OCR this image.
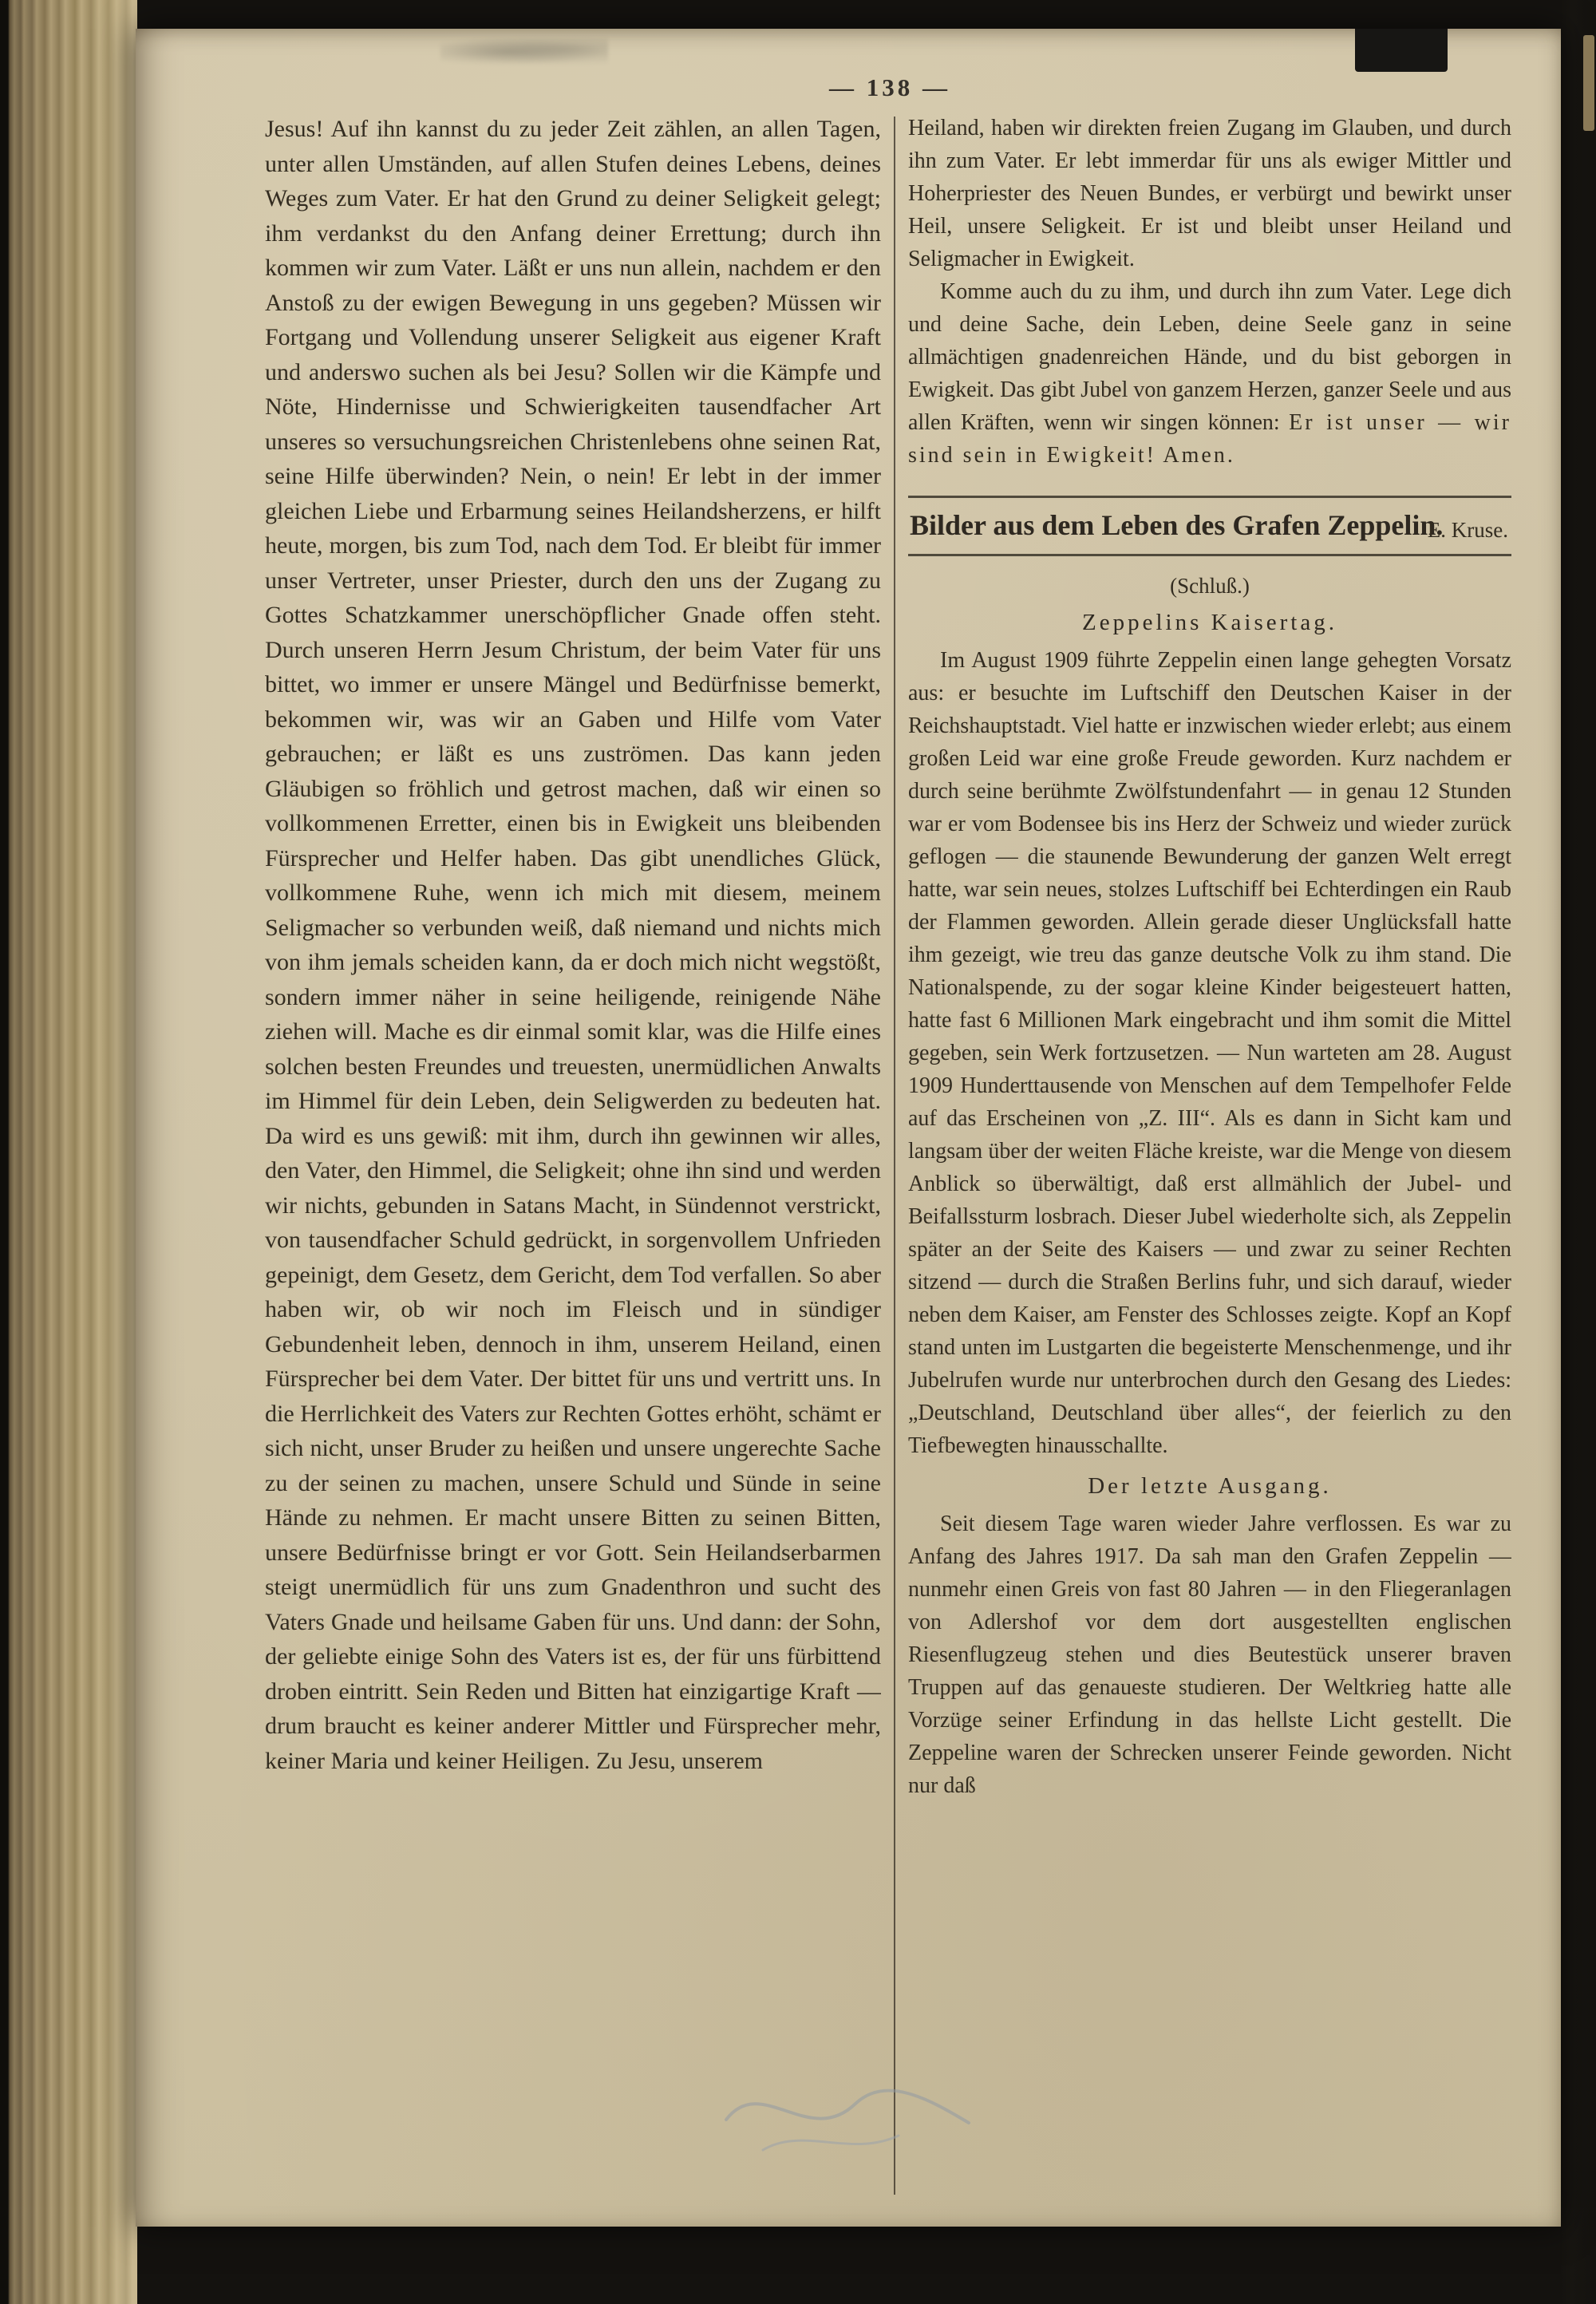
— 138 —
Jesus! Auf ihn kannst du zu jeder Zeit zählen, an allen Tagen, unter allen Umständen, auf allen Stufen deines Lebens, deines Weges zum Vater. Er hat den Grund zu deiner Seligkeit gelegt; ihm verdankst du den Anfang deiner Errettung; durch ihn kommen wir zum Vater. Läßt er uns nun allein, nachdem er den Anstoß zu der ewigen Bewegung in uns gegeben? Müssen wir Fortgang und Vollendung unserer Seligkeit aus eigener Kraft und anderswo suchen als bei Jesu? Sollen wir die Kämpfe und Nöte, Hindernisse und Schwierigkeiten tausendfacher Art unseres so versuchungsreichen Christenlebens ohne seinen Rat, seine Hilfe überwinden? Nein, o nein! Er lebt in der immer gleichen Liebe und Erbarmung seines Heilandsherzens, er hilft heute, morgen, bis zum Tod, nach dem Tod. Er bleibt für immer unser Vertreter, unser Priester, durch den uns der Zugang zu Gottes Schatzkammer unerschöpflicher Gnade offen steht. Durch unseren Herrn Jesum Christum, der beim Vater für uns bittet, wo immer er unsere Mängel und Bedürfnisse bemerkt, bekommen wir, was wir an Gaben und Hilfe vom Vater gebrauchen; er läßt es uns zuströmen. Das kann jeden Gläubigen so fröhlich und getrost machen, daß wir einen so vollkommenen Erretter, einen bis in Ewigkeit uns bleibenden Fürsprecher und Helfer haben. Das gibt unendliches Glück, vollkommene Ruhe, wenn ich mich mit diesem, meinem Seligmacher so verbunden weiß, daß niemand und nichts mich von ihm jemals scheiden kann, da er doch mich nicht wegstößt, sondern immer näher in seine heiligende, reinigende Nähe ziehen will. Mache es dir einmal somit klar, was die Hilfe eines solchen besten Freundes und treuesten, unermüdlichen Anwalts im Himmel für dein Leben, dein Seligwerden zu bedeuten hat. Da wird es uns gewiß: mit ihm, durch ihn gewinnen wir alles, den Vater, den Himmel, die Seligkeit; ohne ihn sind und werden wir nichts, gebunden in Satans Macht, in Sündennot verstrickt, von tausendfacher Schuld gedrückt, in sorgenvollem Unfrieden gepeinigt, dem Gesetz, dem Gericht, dem Tod verfallen. So aber haben wir, ob wir noch im Fleisch und in sündiger Gebundenheit leben, dennoch in ihm, unserem Heiland, einen Fürsprecher bei dem Vater. Der bittet für uns und vertritt uns. In die Herrlichkeit des Vaters zur Rechten Gottes erhöht, schämt er sich nicht, unser Bruder zu heißen und unsere ungerechte Sache zu der seinen zu machen, unsere Schuld und Sünde in seine Hände zu nehmen. Er macht unsere Bitten zu seinen Bitten, unsere Bedürfnisse bringt er vor Gott. Sein Heilandserbarmen steigt unermüdlich für uns zum Gnadenthron und sucht des Vaters Gnade und heilsame Gaben für uns. Und dann: der Sohn, der geliebte einige Sohn des Vaters ist es, der für uns fürbittend droben eintritt. Sein Reden und Bitten hat einzigartige Kraft — drum braucht es keiner anderer Mittler und Fürsprecher mehr, keiner Maria und keiner Heiligen. Zu Jesu, unserem

Heiland, haben wir direkten freien Zugang im Glauben, und durch ihn zum Vater. Er lebt immerdar für uns als ewiger Mittler und Hoherpriester des Neuen Bundes, er verbürgt und bewirkt unser Heil, unsere Seligkeit. Er ist und bleibt unser Heiland und Seligmacher in Ewigkeit.

Komme auch du zu ihm, und durch ihn zum Vater. Lege dich und deine Sache, dein Leben, deine Seele ganz in seine allmächtigen gnadenreichen Hände, und du bist geborgen in Ewigkeit. Das gibt Jubel von ganzem Herzen, ganzer Seele und aus allen Kräften, wenn wir singen können: Er ist unser — wir sind sein in Ewigkeit! Amen.

Bilder aus dem Leben des Grafen Zeppelin.
E. Kruse.
(Schluß.)
Zeppelins Kaisertag.

Im August 1909 führte Zeppelin einen lange gehegten Vorsatz aus: er besuchte im Luftschiff den Deutschen Kaiser in der Reichshauptstadt. Viel hatte er inzwischen wieder erlebt; aus einem großen Leid war eine große Freude geworden. Kurz nachdem er durch seine berühmte Zwölfstundenfahrt — in genau 12 Stunden war er vom Bodensee bis ins Herz der Schweiz und wieder zurück geflogen — die staunende Bewunderung der ganzen Welt erregt hatte, war sein neues, stolzes Luftschiff bei Echterdingen ein Raub der Flammen geworden. Allein gerade dieser Unglücksfall hatte ihm gezeigt, wie treu das ganze deutsche Volk zu ihm stand. Die Nationalspende, zu der sogar kleine Kinder beigesteuert hatten, hatte fast 6 Millionen Mark eingebracht und ihm somit die Mittel gegeben, sein Werk fortzusetzen. — Nun warteten am 28. August 1909 Hunderttausende von Menschen auf dem Tempelhofer Felde auf das Erscheinen von „Z. III“. Als es dann in Sicht kam und langsam über der weiten Fläche kreiste, war die Menge von diesem Anblick so überwältigt, daß erst allmählich der Jubel- und Beifallssturm losbrach. Dieser Jubel wiederholte sich, als Zeppelin später an der Seite des Kaisers — und zwar zu seiner Rechten sitzend — durch die Straßen Berlins fuhr, und sich darauf, wieder neben dem Kaiser, am Fenster des Schlosses zeigte. Kopf an Kopf stand unten im Lustgarten die begeisterte Menschenmenge, und ihr Jubelrufen wurde nur unterbrochen durch den Gesang des Liedes: „Deutschland, Deutschland über alles“, der feierlich zu den Tiefbewegten hinausschallte.

Der letzte Ausgang.

Seit diesem Tage waren wieder Jahre verflossen. Es war zu Anfang des Jahres 1917. Da sah man den Grafen Zeppelin — nunmehr einen Greis von fast 80 Jahren — in den Fliegeranlagen von Adlershof vor dem dort ausgestellten englischen Riesenflugzeug stehen und dies Beutestück unserer braven Truppen auf das genaueste studieren. Der Weltkrieg hatte alle Vorzüge seiner Erfindung in das hellste Licht gestellt. Die Zeppeline waren der Schrecken unserer Feinde geworden. Nicht nur daß
